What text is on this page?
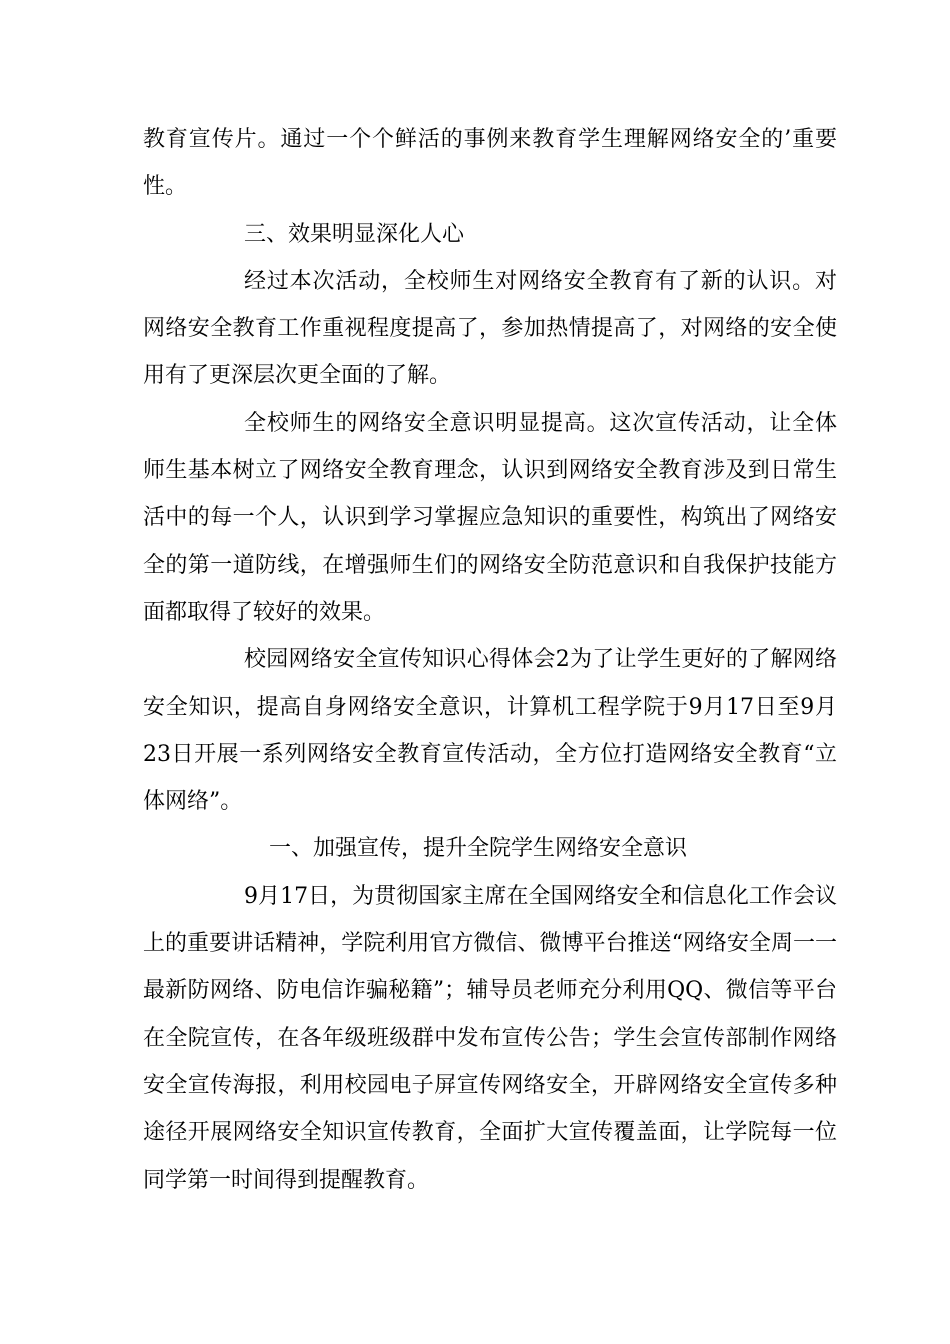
教育宣传片。通过一个个鲜活的事例来教育学生理解网络安全的’重要性。

三、效果明显深化人心

经过本次活动，全校师生对网络安全教育有了新的认识。对网络安全教育工作重视程度提高了，参加热情提高了，对网络的安全使用有了更深层次更全面的了解。

全校师生的网络安全意识明显提高。这次宣传活动，让全体师生基本树立了网络安全教育理念，认识到网络安全教育涉及到日常生活中的每一个人，认识到学习掌握应急知识的重要性，构筑出了网络安全的第一道防线，在增强师生们的网络安全防范意识和自我保护技能方面都取得了较好的效果。

校园网络安全宣传知识心得体会2为了让学生更好的了解网络安全知识，提高自身网络安全意识，计算机工程学院于9月17日至9月23日开展一系列网络安全教育宣传活动，全方位打造网络安全教育“立体网络”。

一、加强宣传，提升全院学生网络安全意识

9月17日，为贯彻国家主席在全国网络安全和信息化工作会议上的重要讲话精神，学院利用官方微信、微博平台推送“网络安全周一一最新防网络、防电信诈骗秘籍”；辅导员老师充分利用QQ、微信等平台在全院宣传，在各年级班级群中发布宣传公告；学生会宣传部制作网络安全宣传海报，利用校园电子屏宣传网络安全，开辟网络安全宣传多种途径开展网络安全知识宣传教育，全面扩大宣传覆盖面，让学院每一位同学第一时间得到提醒教育。
